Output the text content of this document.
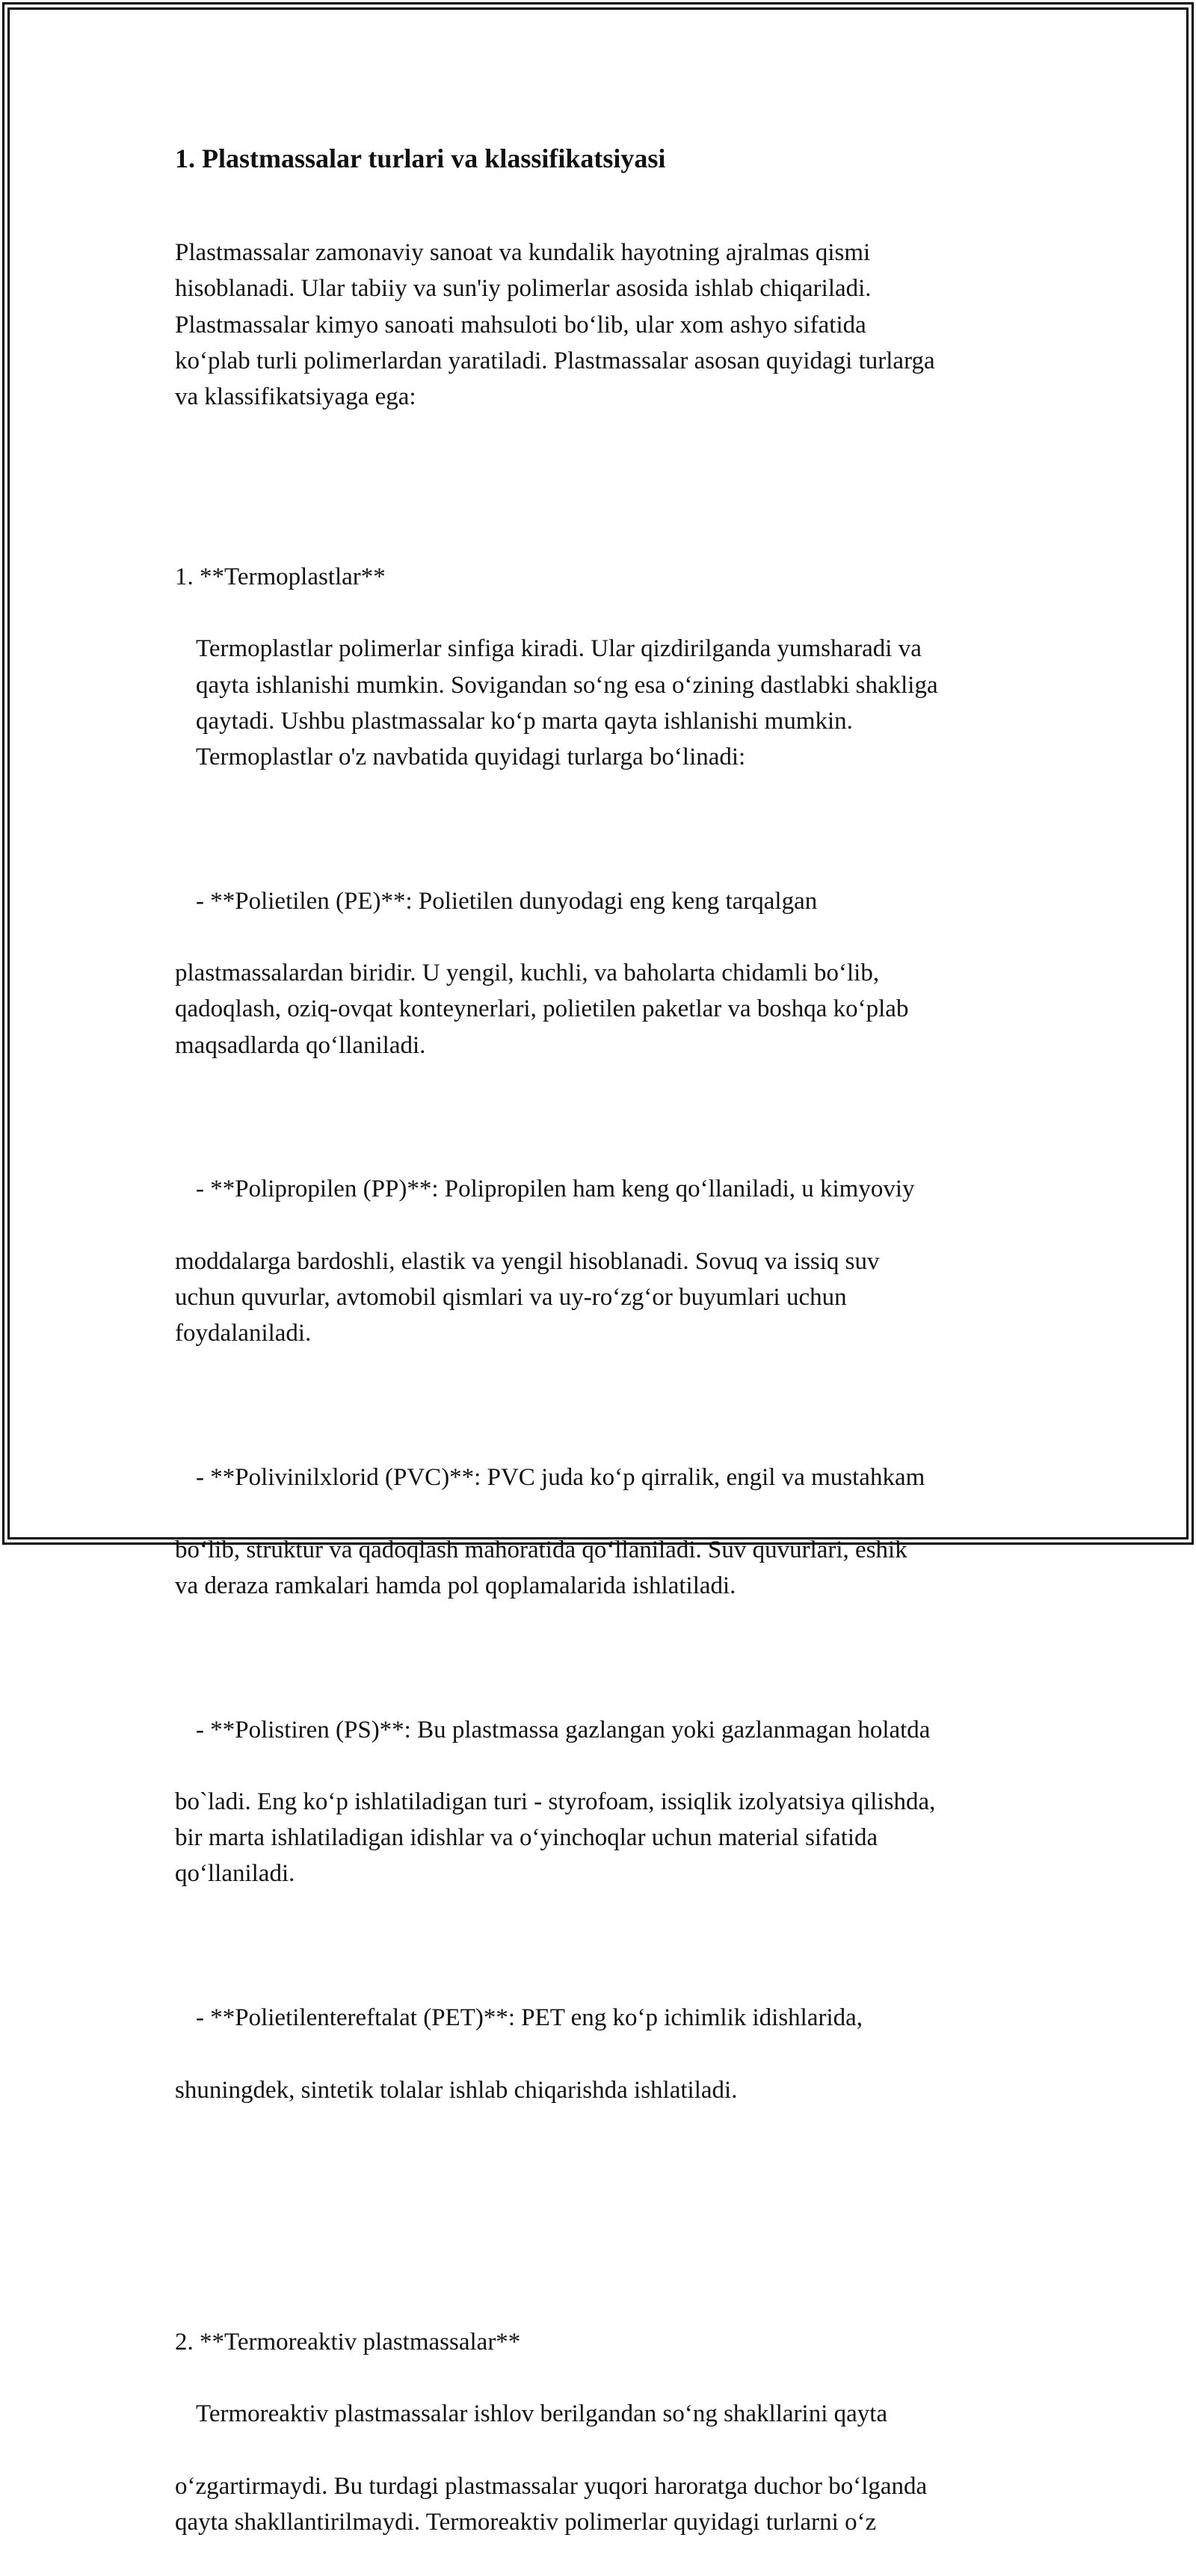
1. Plastmassalar turlari va klassifikatsiyasi

Plastmassalar zamonaviy sanoat va kundalik hayotning ajralmas qismi
hisoblanadi. Ular tabiiy va sun'iy polimerlar asosida ishlab chiqariladi.
Plastmassalar kimyo sanoati mahsuloti bo‘lib, ular xom ashyo sifatida
ko‘plab turli polimerlardan yaratiladi. Plastmassalar asosan quyidagi turlarga
va klassifikatsiyaga ega:

1. **Termoplastlar**

Termoplastlar polimerlar sinfiga kiradi. Ular qizdirilganda yumsharadi va
qayta ishlanishi mumkin. Sovigandan so‘ng esa o‘zining dastlabki shakliga
qaytadi. Ushbu plastmassalar ko‘p marta qayta ishlanishi mumkin.
Termoplastlar o'z navbatida quyidagi turlarga bo‘linadi:

- **Polietilen (PE)**: Polietilen dunyodagi eng keng tarqalgan

plastmassalardan biridir. U yengil, kuchli, va baholarta chidamli bo‘lib,
qadoqlash, oziq-ovqat konteynerlari, polietilen paketlar va boshqa ko‘plab
maqsadlarda qo‘llaniladi.

- **Polipropilen (PP)**: Polipropilen ham keng qo‘llaniladi, u kimyoviy

moddalarga bardoshli, elastik va yengil hisoblanadi. Sovuq va issiq suv
uchun quvurlar, avtomobil qismlari va uy-ro‘zg‘or buyumlari uchun
foydalaniladi.

- **Polivinilxlorid (PVC)**: PVC juda ko‘p qirralik, engil va mustahkam

bo‘lib, struktur va qadoqlash mahoratida qo‘llaniladi. Suv quvurlari, eshik
va deraza ramkalari hamda pol qoplamalarida ishlatiladi.

- **Polistiren (PS)**: Bu plastmassa gazlangan yoki gazlanmagan holatda

bo`ladi. Eng ko‘p ishlatiladigan turi - styrofoam, issiqlik izolyatsiya qilishda,
bir marta ishlatiladigan idishlar va o‘yinchoqlar uchun material sifatida
qo‘llaniladi.

- **Polietilentereftalat (PET)**: PET eng ko‘p ichimlik idishlarida,

shuningdek, sintetik tolalar ishlab chiqarishda ishlatiladi.

2. **Termoreaktiv plastmassalar**

Termoreaktiv plastmassalar ishlov berilgandan so‘ng shakllarini qayta

o‘zgartirmaydi. Bu turdagi plastmassalar yuqori haroratga duchor bo‘lganda
qayta shakllantirilmaydi. Termoreaktiv polimerlar quyidagi turlarni o‘z
